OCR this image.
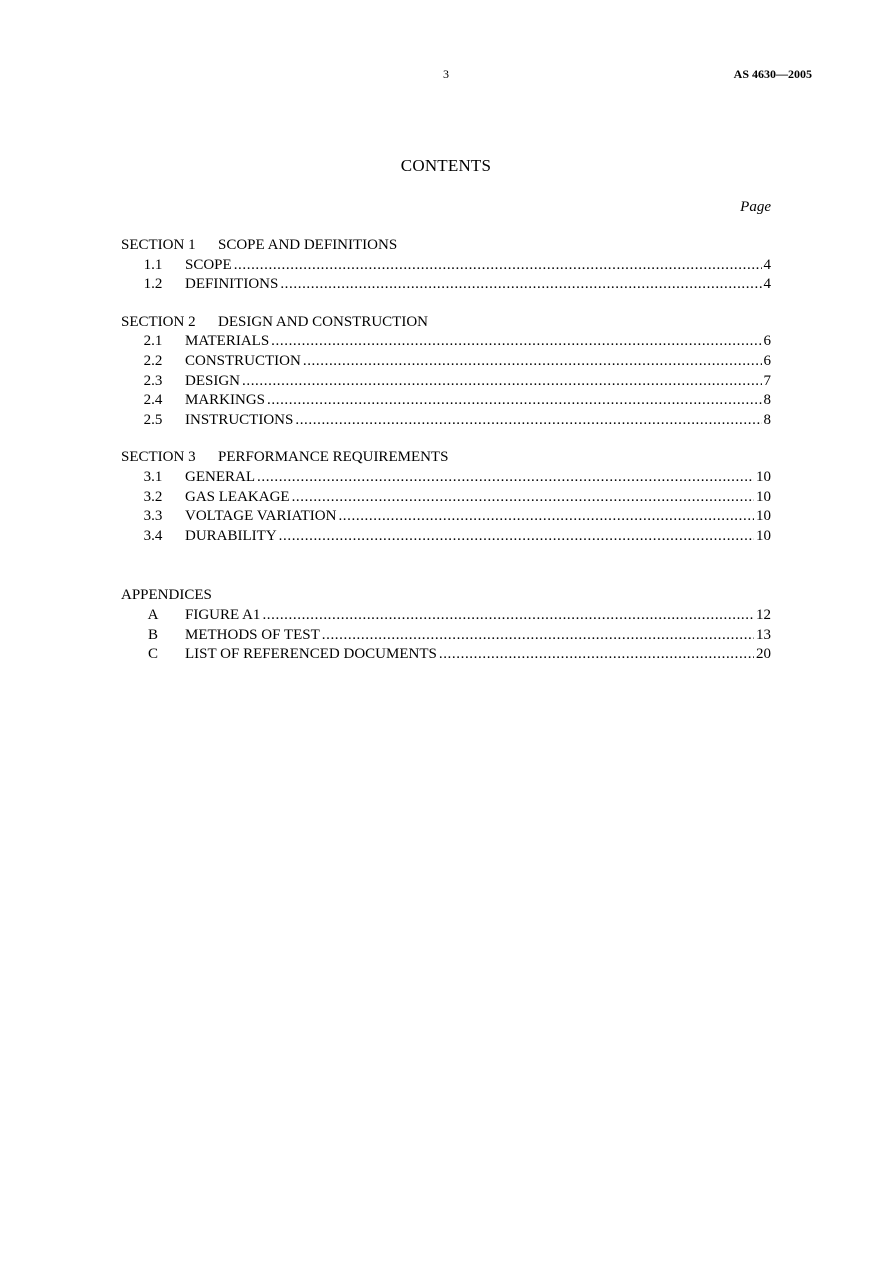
3	AS 4630—2005
CONTENTS
Page
SECTION 1 SCOPE AND DEFINITIONS
1.1	SCOPE .....	4
1.2	DEFINITIONS .....	4
SECTION 2 DESIGN AND CONSTRUCTION
2.1	MATERIALS .....	6
2.2	CONSTRUCTION .....	6
2.3	DESIGN .....	7
2.4	MARKINGS .....	8
2.5	INSTRUCTIONS .....	8
SECTION 3 PERFORMANCE REQUIREMENTS
3.1	GENERAL .....	10
3.2	GAS LEAKAGE .....	10
3.3	VOLTAGE VARIATION .....	10
3.4	DURABILITY .....	10
APPENDICES
A	FIGURE A1 .....	12
B	METHODS OF TEST .....	13
C	LIST OF REFERENCED DOCUMENTS .....	20
